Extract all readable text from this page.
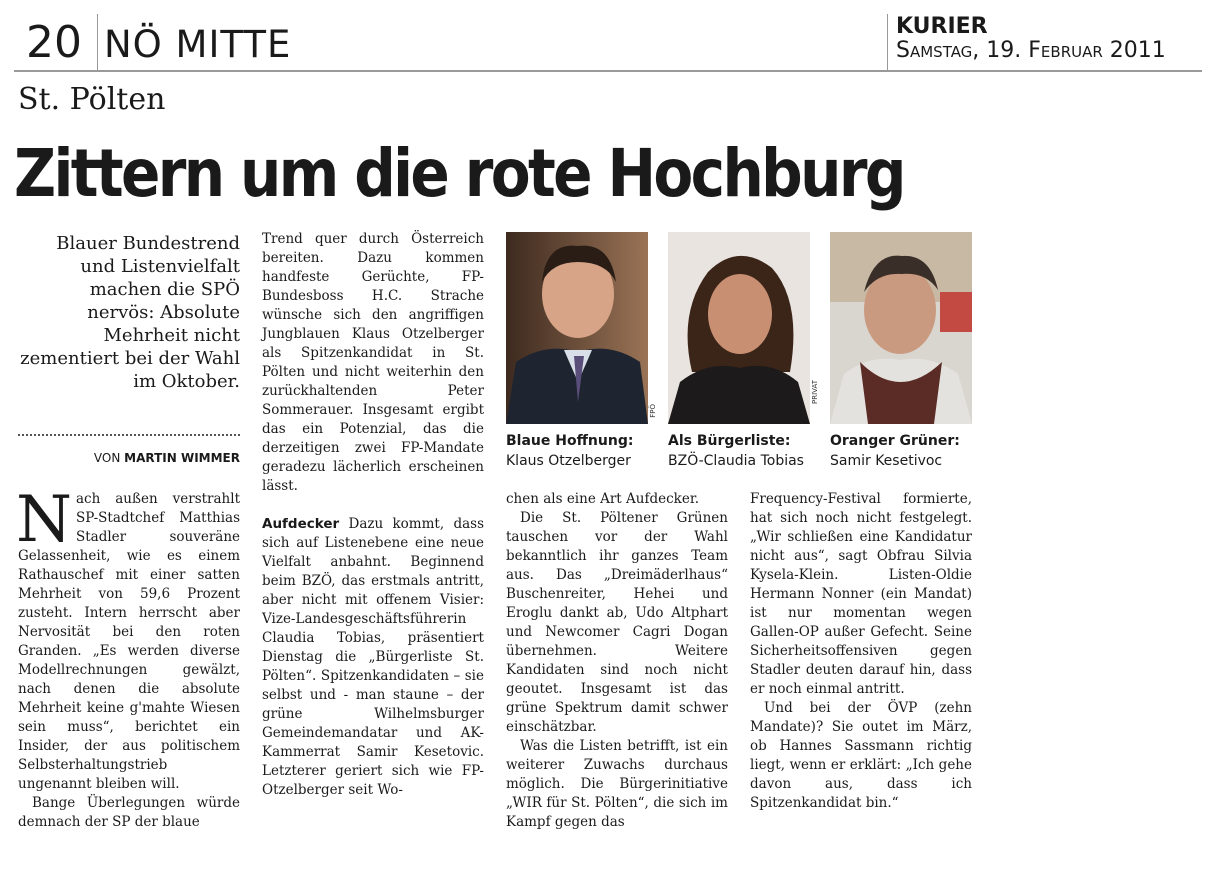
20 NÖ MITTE	KURIER
Samstag, 19. Februar 2011
St. Pölten
Zittern um die rote Hochburg
Blauer Bundestrend und Listenvielfalt machen die SPÖ nervös: Absolute Mehrheit nicht zementiert bei der Wahl im Oktober.
VON MARTIN WIMMER

Nach außen verstrahlt SP-Stadtchef Matthias Stadler souveräne Gelassenheit, wie es einem Rathauschef mit einer satten Mehrheit von 59,6 Prozent zusteht. Intern herrscht aber Nervosität bei den roten Granden. „Es werden diverse Modellrechnungen gewälzt, nach denen die absolute Mehrheit keine g'mahte Wiesen sein muss“, berichtet ein Insider, der aus politischem Selbsterhaltungstrieb ungenannt bleiben will.

Bange Überlegungen würde demnach der SP der blaue

Trend quer durch Österreich bereiten. Dazu kommen handfeste Gerüchte, FP-Bundesboss H.C. Strache wünsche sich den angriffigen Jungblauen Klaus Otzelberger als Spitzenkandidat in St. Pölten und nicht weiterhin den zurückhaltenden Peter Sommerauer. Insgesamt ergibt das ein Potenzial, das die derzeitigen zwei FP-Mandate geradezu lächerlich erscheinen lässt.

Aufdecker Dazu kommt, dass sich auf Listenebene eine neue Vielfalt anbahnt. Beginnend beim BZÖ, das erstmals antritt, aber nicht mit offenem Visier: Vize-Landesgeschäftsführerin Claudia Tobias, präsentiert Dienstag die „Bürgerliste St. Pölten“. Spitzenkandidaten – sie selbst und - man staune – der grüne Wilhelmsburger Gemeindemandatar und AK-Kammerrat Samir Kesetovic. Letzterer geriert sich wie FP-Otzelberger seit Wo-

FPÖ
PRIVAT
Blaue Hoffnung:
Klaus Otzelberger
Als Bürgerliste:
BZÖ-Claudia Tobias
Oranger Grüner:
Samir Kesetivoc

chen als eine Art Aufdecker.

Die St. Pöltener Grünen tauschen vor der Wahl bekanntlich ihr ganzes Team aus. Das „Dreimäderlhaus“ Buschenreiter, Hehei und Eroglu dankt ab, Udo Altphart und Newcomer Cagri Dogan übernehmen. Weitere Kandidaten sind noch nicht geoutet. Insgesamt ist das grüne Spektrum damit schwer einschätzbar.

Was die Listen betrifft, ist ein weiterer Zuwachs durchaus möglich. Die Bürgerinitiative „WIR für St. Pölten“, die sich im Kampf gegen das

Frequency-Festival formierte, hat sich noch nicht festgelegt. „Wir schließen eine Kandidatur nicht aus“, sagt Obfrau Silvia Kysela-Klein. Listen-Oldie Hermann Nonner (ein Mandat) ist nur momentan wegen Gallen-OP außer Gefecht. Seine Sicherheitsoffensiven gegen Stadler deuten darauf hin, dass er noch einmal antritt.

Und bei der ÖVP (zehn Mandate)? Sie outet im März, ob Hannes Sassmann richtig liegt, wenn er erklärt: „Ich gehe davon aus, dass ich Spitzenkandidat bin.“
